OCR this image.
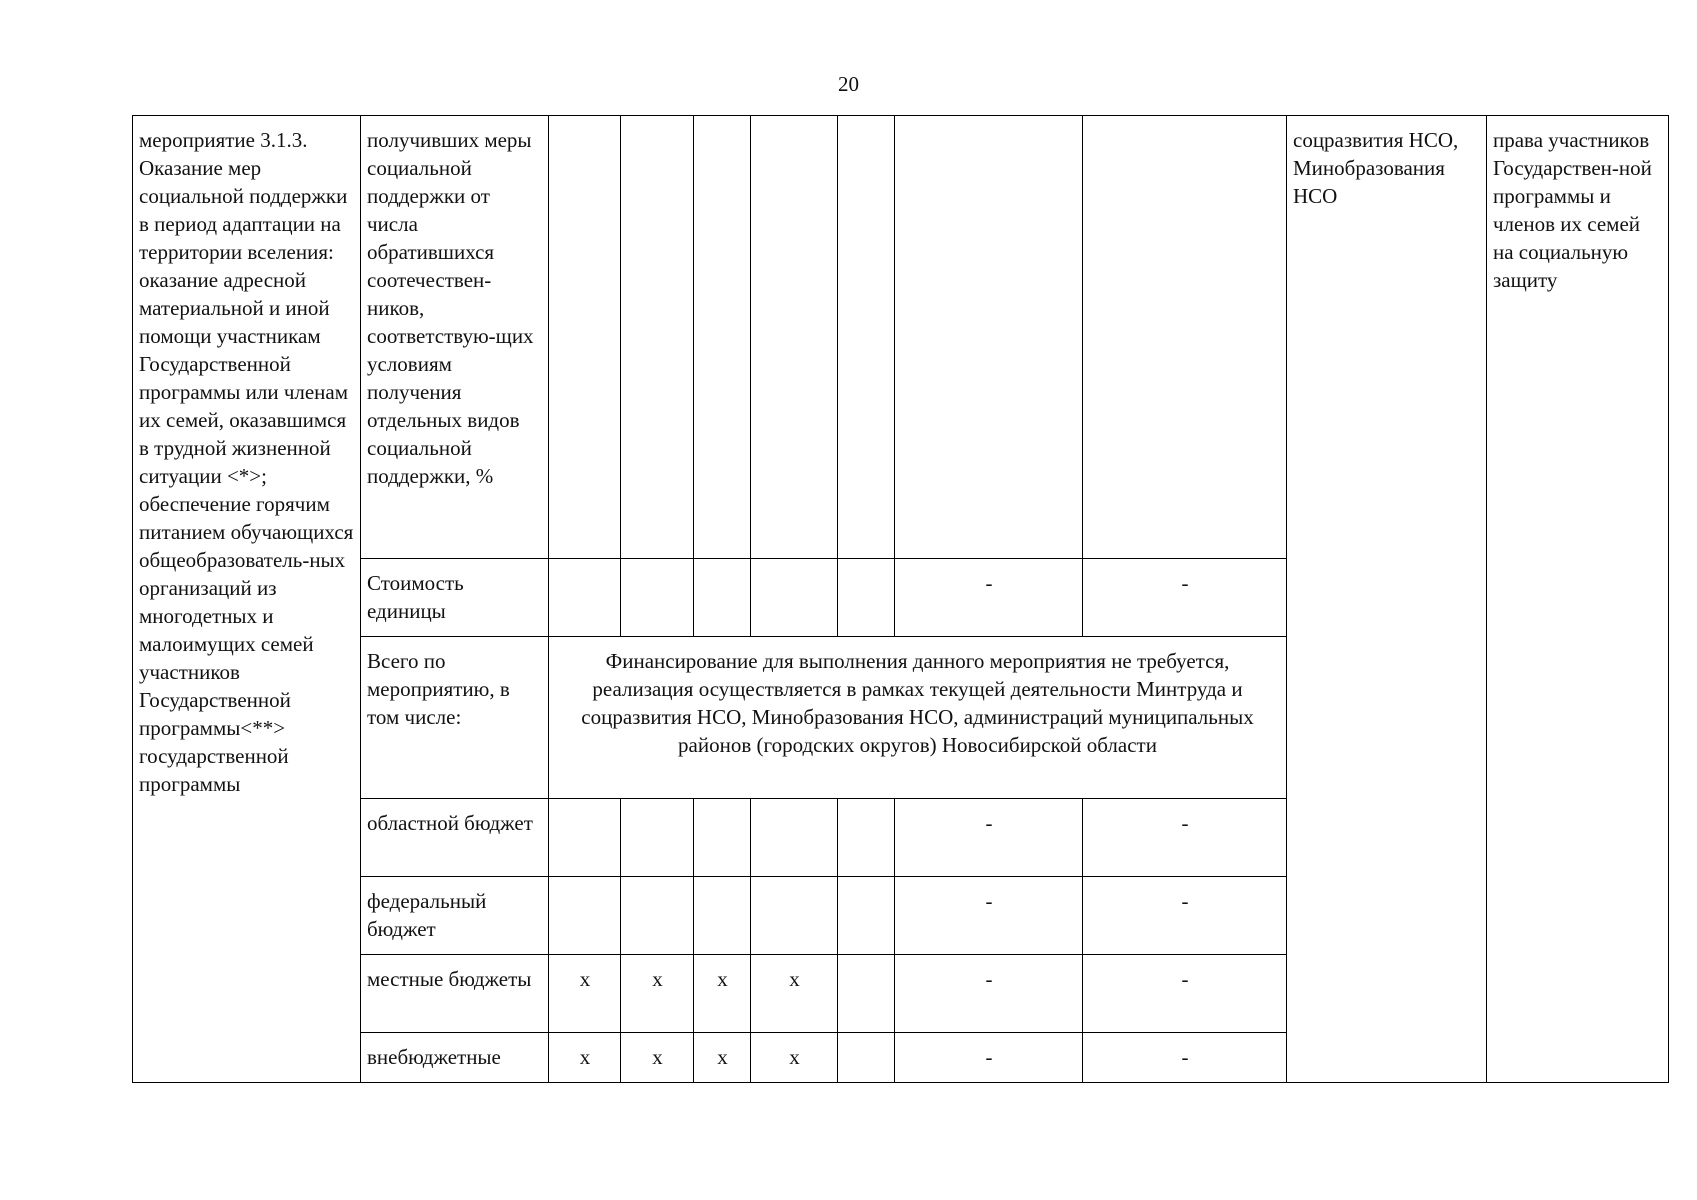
20
мероприятие 3.1.3.
Оказание мер социальной поддержки в период адаптации на территории вселения: оказание адресной материальной и иной помощи участникам Государственной программы или членам их семей, оказавшимся в трудной жизненной ситуации <*>; обеспечение горячим питанием обучающихся общеобразователь-ных организаций из многодетных и малоимущих семей участников Государственной программы<**> государственной программы	получивших меры социальной поддержки от числа обратившихся соотечествен-ников, соответствую-щих условиям получения отдельных видов социальной поддержки, %								соцразвития НСО, Минобразования НСО	права участников Государствен-ной программы и членов их семей на социальную защиту
	Стоимость единицы						-	-		
	Всего по мероприятию, в том числе:	Финансирование для выполнения данного мероприятия не требуется, реализация осуществляется в рамках текущей деятельности Минтруда и соцразвития НСО, Минобразования НСО, администраций муниципальных районов (городских округов) Новосибирской области								
	областной бюджет						-	-		
	федеральный бюджет						-	-		
	местные бюджеты	х	х	х	х		-	-		
	внебюджетные	х	х	х	х		-	-		
